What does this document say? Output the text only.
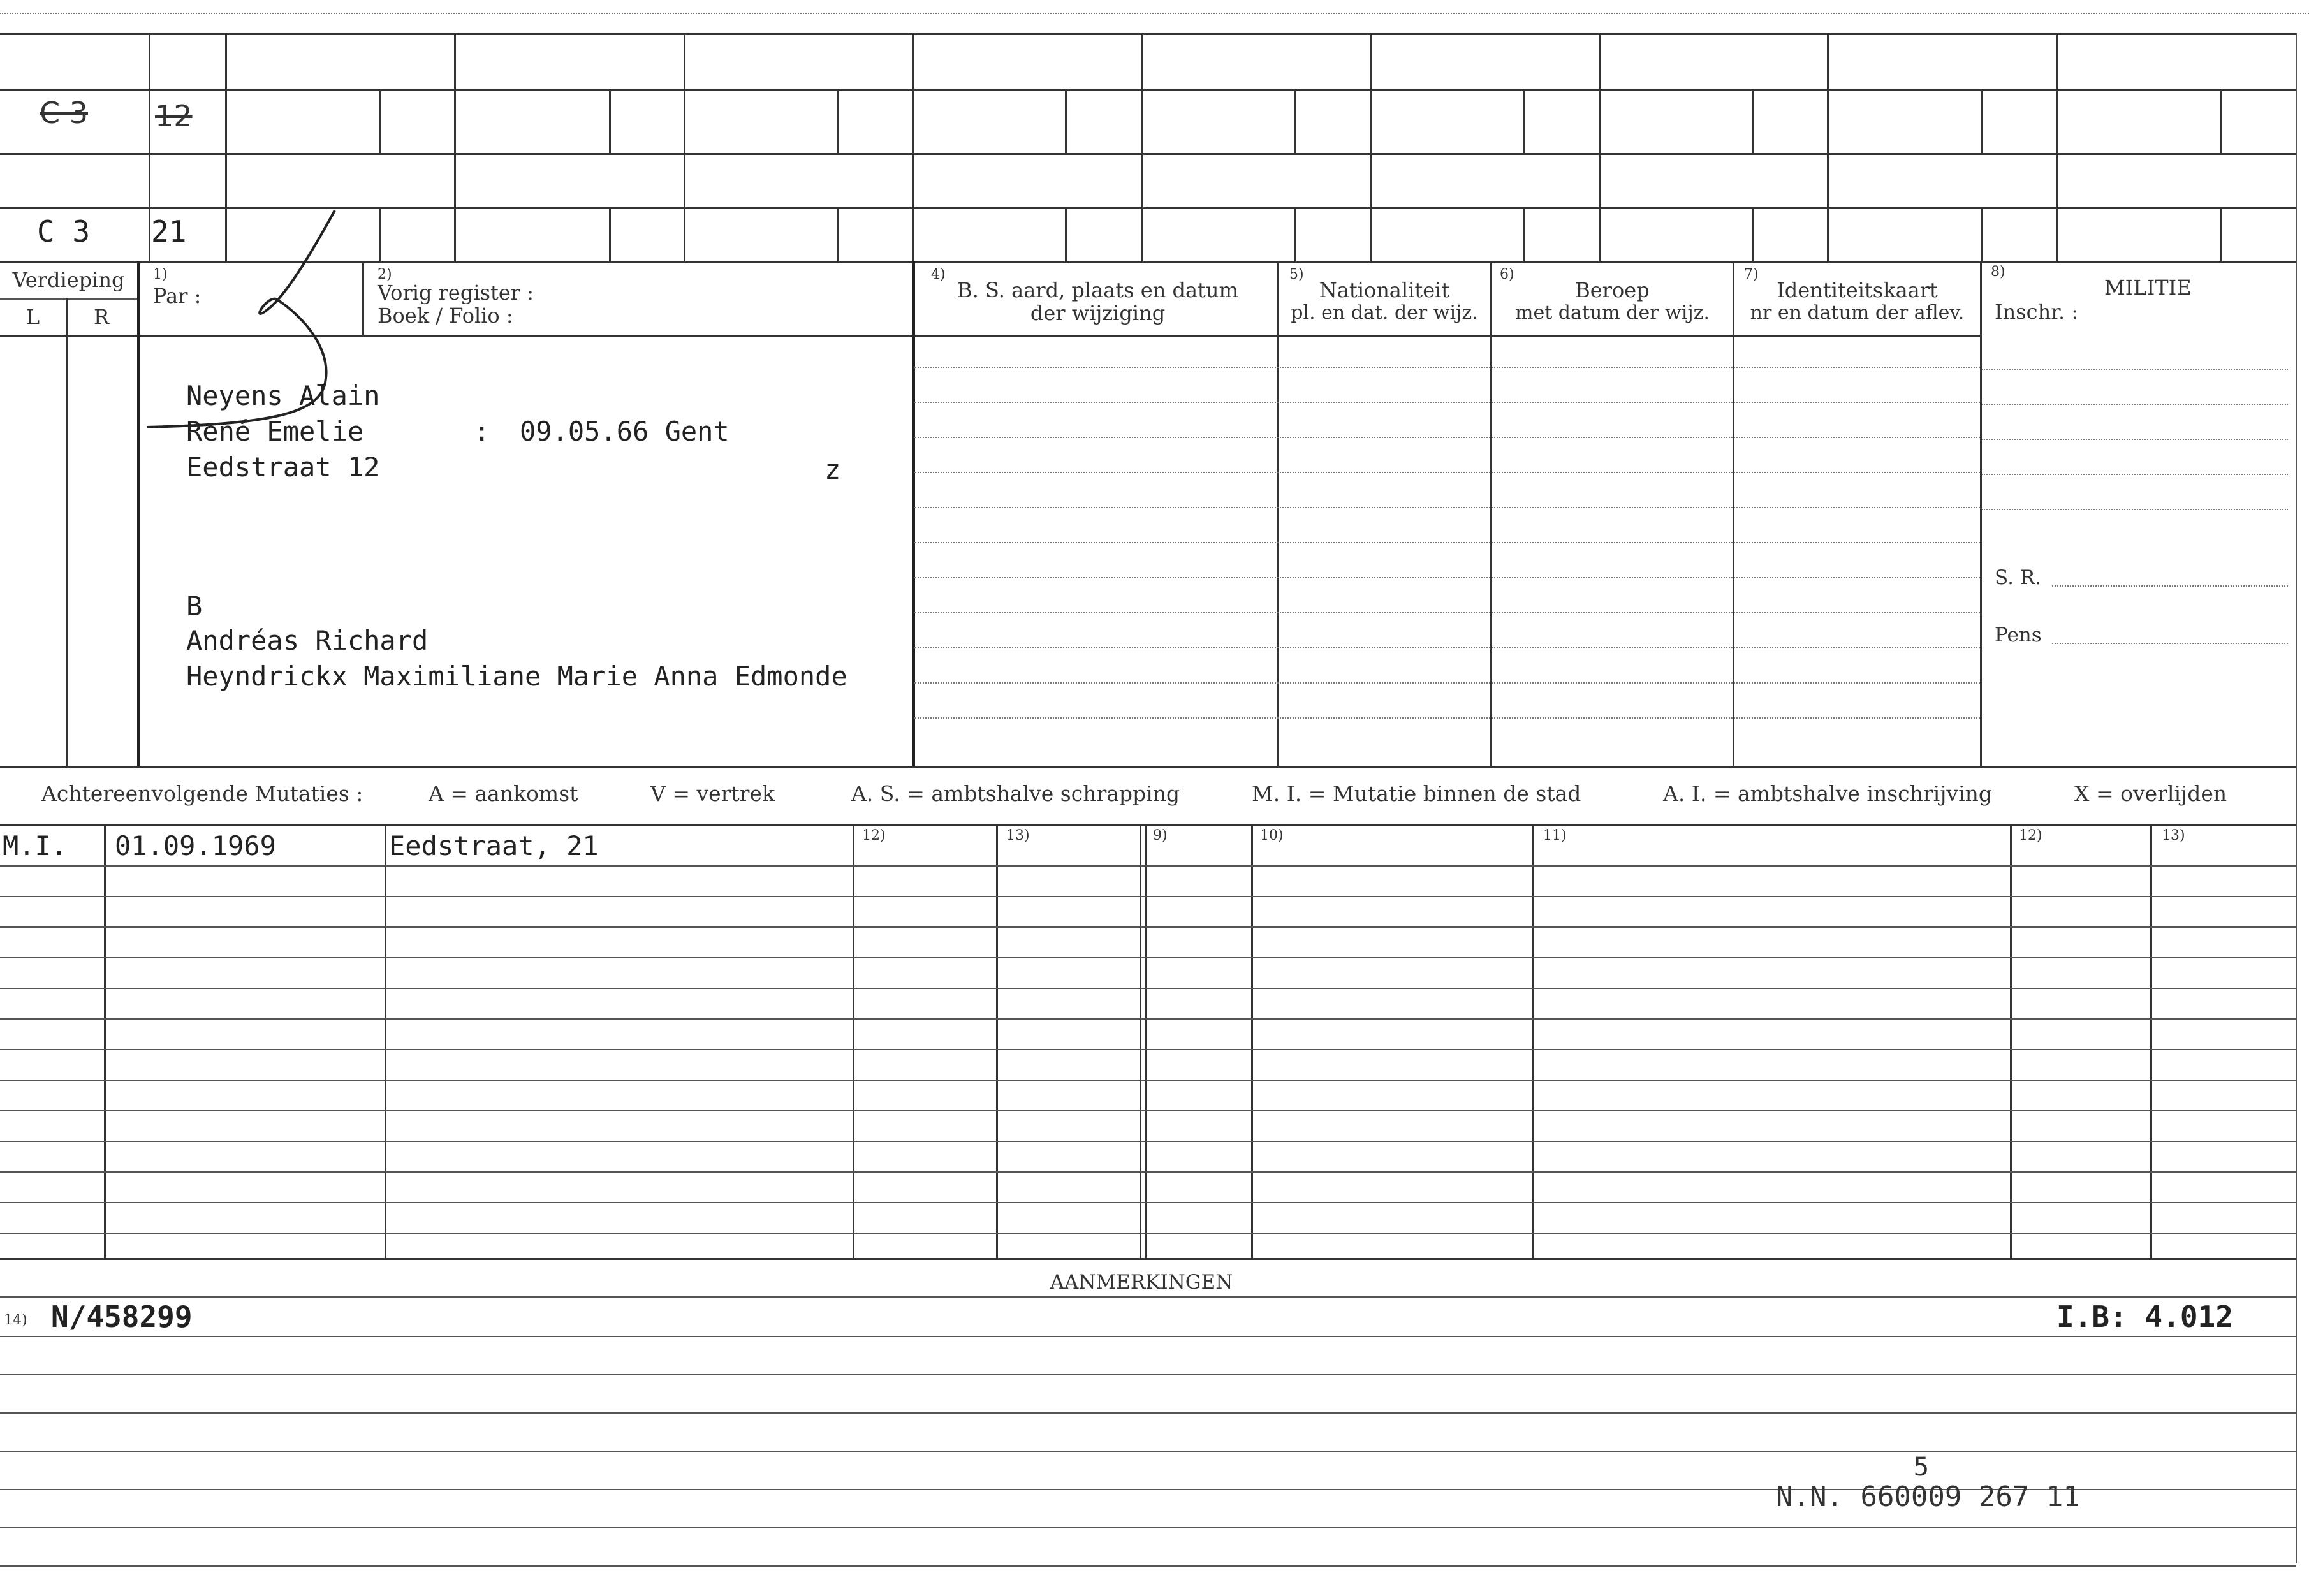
C 3 12
C 3 21
Verdieping
L	R
1)
Par :
2)
Vorig register :
Boek / Folio :
4)
B. S. aard, plaats en datum
der wijziging
5)
Nationaliteit
pl. en dat. der wijz.
6)
Beroep
met datum der wijz.
7)
Identiteitskaart
nr en datum der aflev.
8)
MILITIE
Inschr. :
S. R.
Pens
Neyens Alain
René Emelie	: 09.05.66 Gent
Eedstraat 12	z
B
Andréas Richard
Heyndrickx Maximiliane Marie Anna Edmonde
Achtereenvolgende Mutaties :	A = aankomst	V = vertrek	A. S. = ambtshalve schrapping	M. I. = Mutatie binnen de stad	A. I. = ambtshalve inschrijving	X = overlijden
12)	13)	9)	10)	11)	12)	13)
M.I. 01.09.1969	Eedstraat, 21
AANMERKINGEN
14) N/458299	I.B: 4.012
N.N. 660
5
009 267 11
